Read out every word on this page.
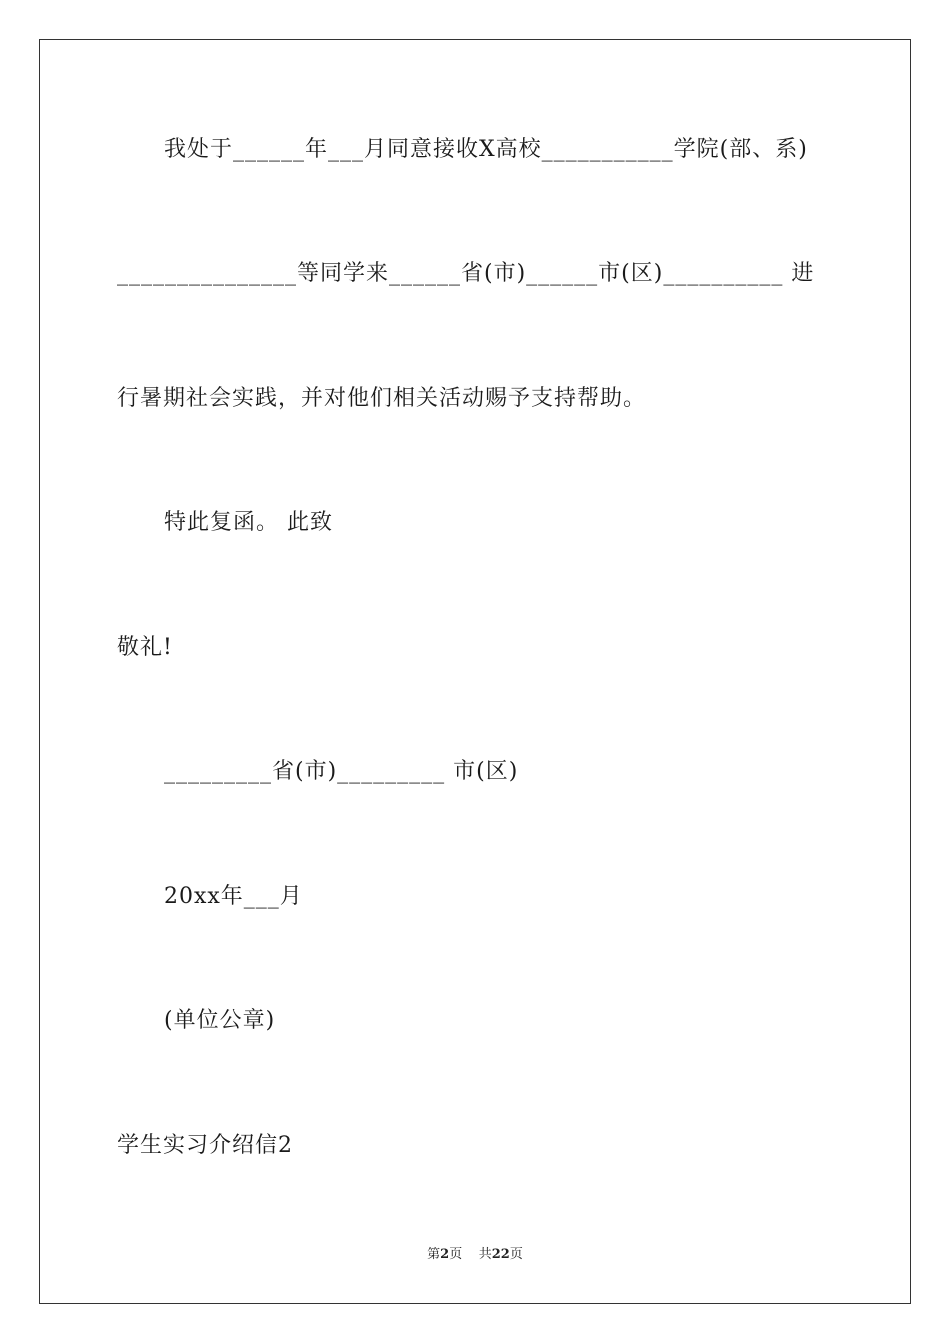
我处于______年___月同意接收X高校___________学院(部、系)
_______________等同学来______省(市)______市(区)__________ 进
行暑期社会实践，并对他们相关活动赐予支持帮助。
特此复函。 此致
敬礼!
_________省(市)_________ 市(区)
20xx年___月
(单位公章)
学生实习介绍信2
第2页 共22页
